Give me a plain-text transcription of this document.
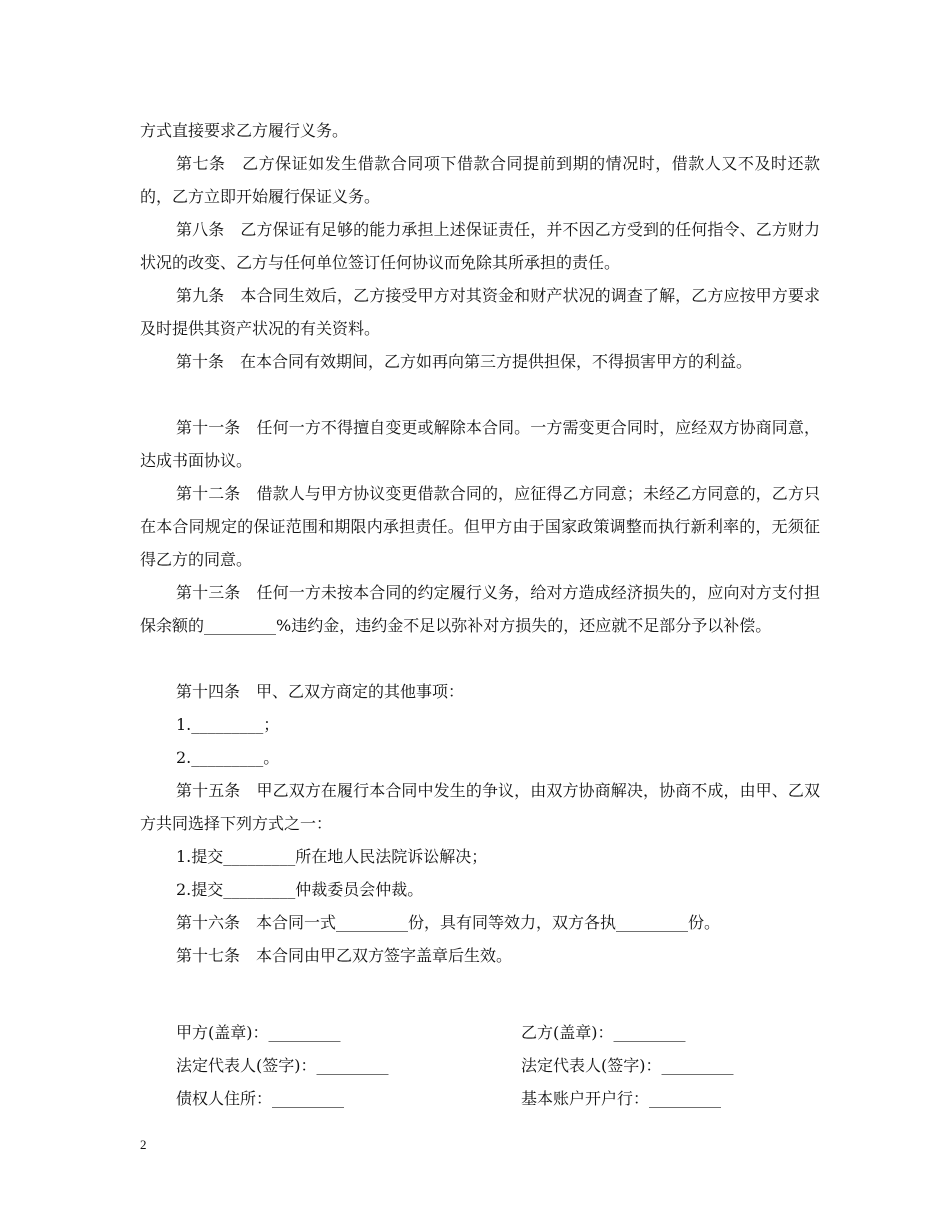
方式直接要求乙方履行义务。

第七条　乙方保证如发生借款合同项下借款合同提前到期的情况时，借款人又不及时还款的，乙方立即开始履行保证义务。

第八条　乙方保证有足够的能力承担上述保证责任，并不因乙方受到的任何指令、乙方财力状况的改变、乙方与任何单位签订任何协议而免除其所承担的责任。

第九条　本合同生效后，乙方接受甲方对其资金和财产状况的调查了解，乙方应按甲方要求及时提供其资产状况的有关资料。

第十条　在本合同有效期间，乙方如再向第三方提供担保，不得损害甲方的利益。

第十一条　任何一方不得擅自变更或解除本合同。一方需变更合同时，应经双方协商同意，达成书面协议。

第十二条　借款人与甲方协议变更借款合同的，应征得乙方同意；未经乙方同意的，乙方只在本合同规定的保证范围和期限内承担责任。但甲方由于国家政策调整而执行新利率的，无须征得乙方的同意。

第十三条　任何一方未按本合同的约定履行义务，给对方造成经济损失的，应向对方支付担保余额的_________%违约金，违约金不足以弥补对方损失的，还应就不足部分予以补偿。

第十四条　甲、乙双方商定的其他事项：

1._________；

2._________。

第十五条　甲乙双方在履行本合同中发生的争议，由双方协商解决，协商不成，由甲、乙双方共同选择下列方式之一：

1.提交_________所在地人民法院诉讼解决；

2.提交_________仲裁委员会仲裁。

第十六条　本合同一式_________份，具有同等效力，双方各执_________份。

第十七条　本合同由甲乙双方签字盖章后生效。

甲方(盖章)：_________	乙方(盖章)：_________
法定代表人(签字)：_________	法定代表人(签字)：_________
债权人住所：_________	基本账户开户行：_________
2
